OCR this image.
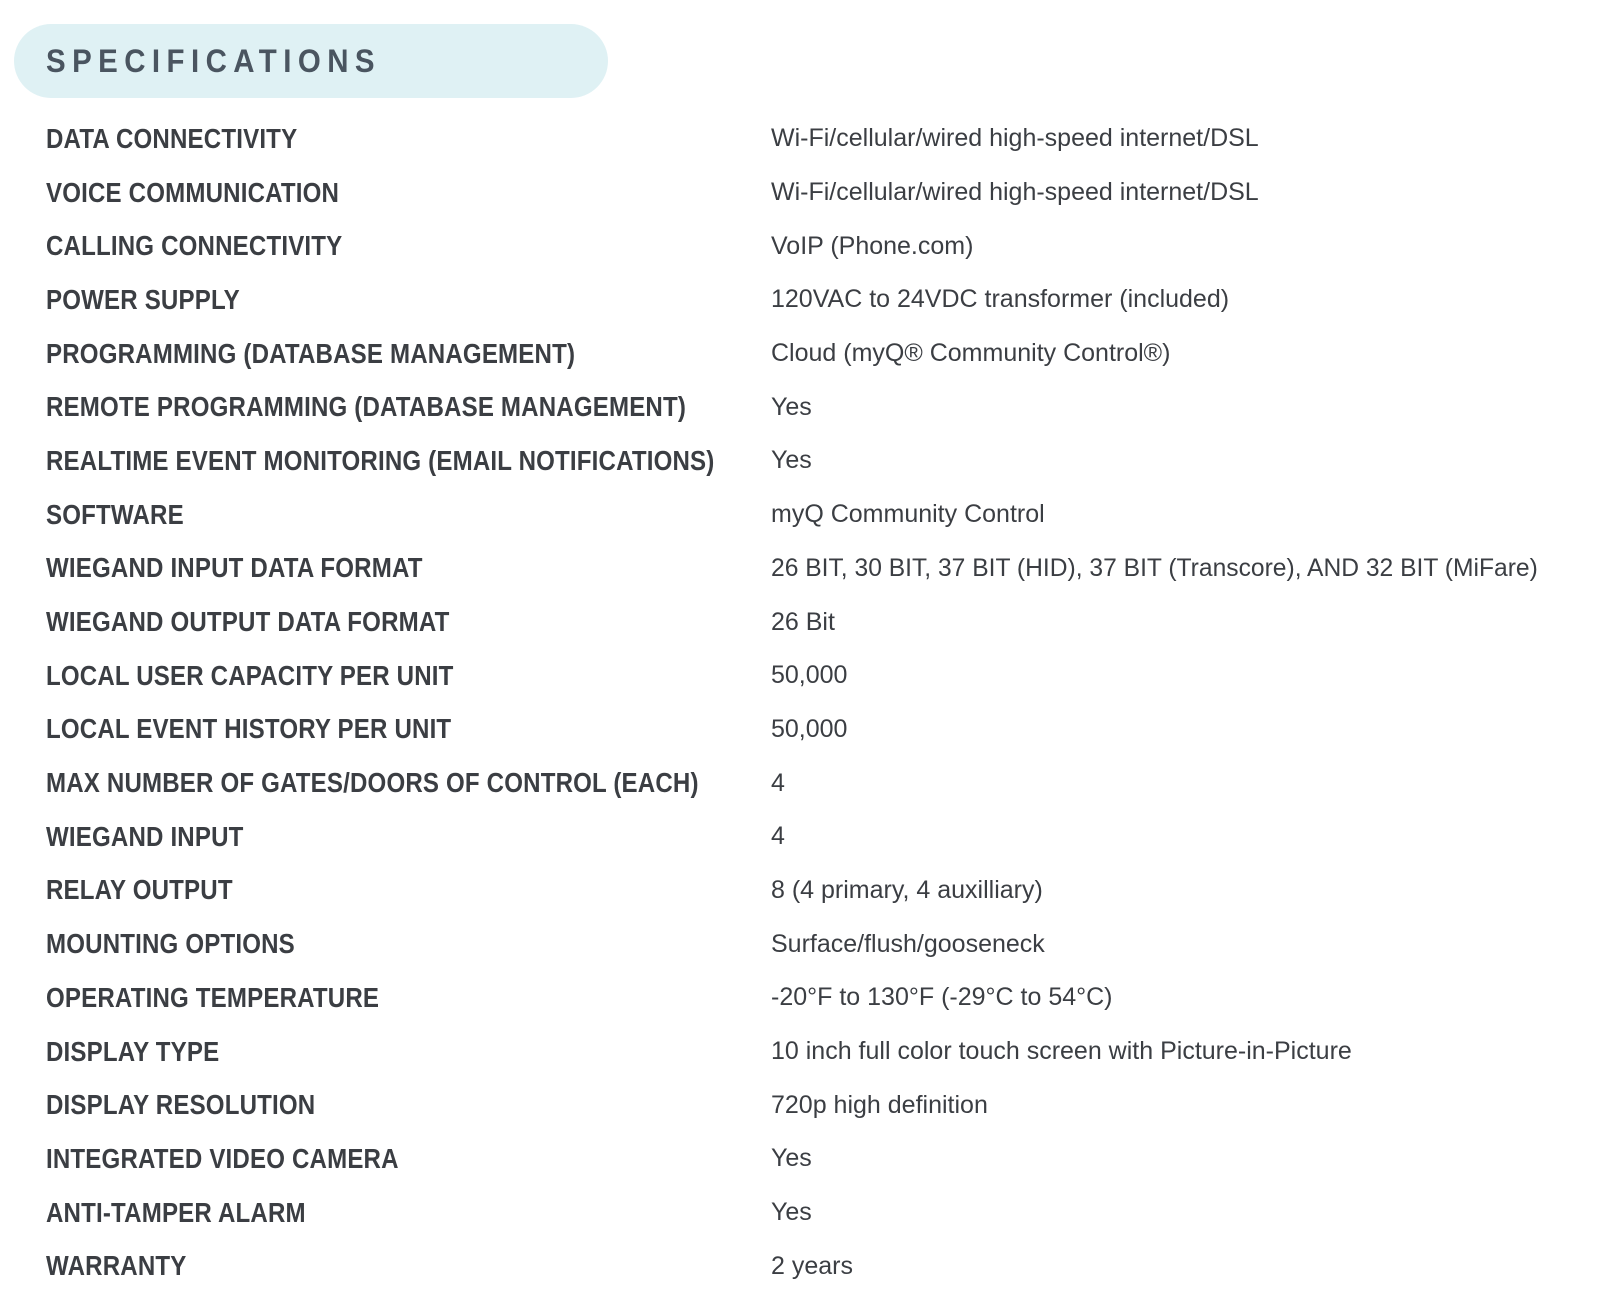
SPECIFICATIONS
DATA CONNECTIVITY	Wi-Fi/cellular/wired high-speed internet/DSL
VOICE COMMUNICATION	Wi-Fi/cellular/wired high-speed internet/DSL
CALLING CONNECTIVITY	VoIP (Phone.com)
POWER SUPPLY	120VAC to 24VDC transformer (included)
PROGRAMMING (DATABASE MANAGEMENT)	Cloud (myQ® Community Control®)
REMOTE PROGRAMMING (DATABASE MANAGEMENT)	Yes
REALTIME EVENT MONITORING (EMAIL NOTIFICATIONS) Yes
SOFTWARE	myQ Community Control
WIEGAND INPUT DATA FORMAT	26 BIT, 30 BIT, 37 BIT (HID), 37 BIT (Transcore), AND 32 BIT (MiFare)
WIEGAND OUTPUT DATA FORMAT	26 Bit
LOCAL USER CAPACITY PER UNIT	50,000
LOCAL EVENT HISTORY PER UNIT	50,000
MAX NUMBER OF GATES/DOORS OF CONTROL (EACH)	4
WIEGAND INPUT	4
RELAY OUTPUT	8 (4 primary, 4 auxilliary)
MOUNTING OPTIONS	Surface/flush/gooseneck
OPERATING TEMPERATURE	-20°F to 130°F (-29°C to 54°C)
DISPLAY TYPE	10 inch full color touch screen with Picture-in-Picture
DISPLAY RESOLUTION	720p high definition
INTEGRATED VIDEO CAMERA	Yes
ANTI-TAMPER ALARM	Yes
WARRANTY	2 years
